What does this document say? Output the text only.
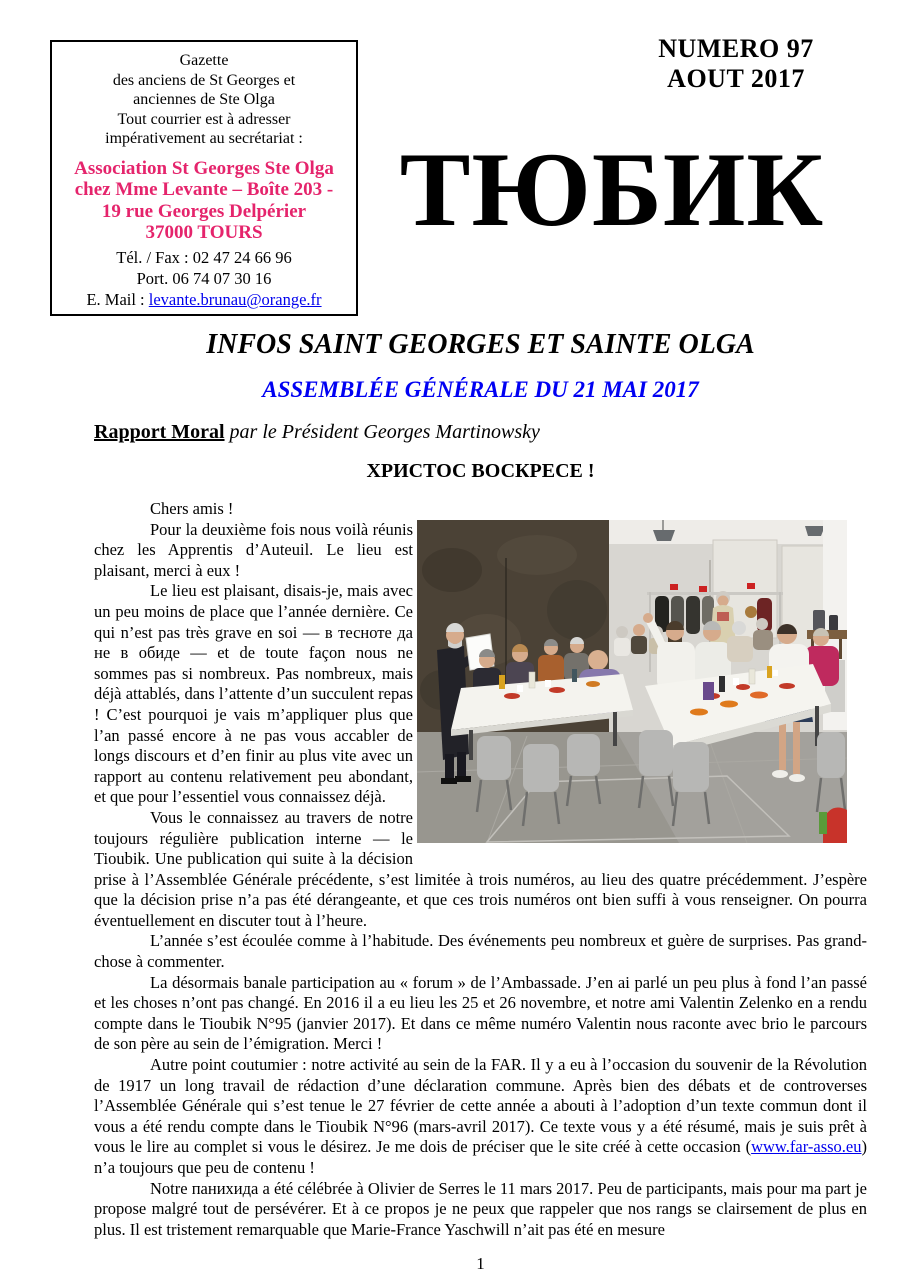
Gazette
des anciens de St Georges et
anciennes de Ste Olga
Tout courrier est à adresser
impérativement au secrétariat :
Association St Georges Ste Olga
chez Mme Levante – Boîte 203 -
19 rue Georges Delpérier
37000 TOURS
Tél. / Fax : 02 47 24 66 96
Port. 06 74 07 30 16
E. Mail : levante.brunau@orange.fr
NUMERO 97
AOUT 2017
ТЮБИК
INFOS SAINT GEORGES ET SAINTE OLGA
ASSEMBLÉE GÉNÉRALE DU 21 MAI 2017
Rapport Moral par le Président Georges Martinowsky
ХРИСТОС ВОСКРЕСЕ !

Chers amis !

Pour la deuxième fois nous voilà réunis chez les Apprentis d’Auteuil. Le lieu est plaisant, merci à eux !

Le lieu est plaisant, disais-je, mais avec un peu moins de place que l’année dernière. Ce qui n’est pas très grave en soi — в тесноте да не в обиде — et de toute façon nous ne sommes pas si nombreux. Pas nombreux, mais déjà attablés, dans l’attente d’un succulent repas ! C’est pourquoi je vais m’appliquer plus que l’an passé encore à ne pas vous accabler de longs discours et d’en finir au plus vite avec un rapport au contenu relativement peu abondant, et que pour l’essentiel vous connaissez déjà.

Vous le connaissez au travers de notre toujours régulière publication interne — le Tioubik. Une publication qui suite à la décision prise à l’Assemblée Générale précédente, s’est limitée à trois numéros, au lieu des quatre précédemment. J’espère que la décision prise n’a pas été dérangeante, et que ces trois numéros ont bien suffi à vous renseigner. On pourra éventuellement en discuter tout à l’heure.

L’année s’est écoulée comme à l’habitude. Des événements peu nombreux et guère de surprises. Pas grand-chose à commenter.

La désormais banale participation au « forum » de l’Ambassade. J’en ai parlé un peu plus à fond l’an passé et les choses n’ont pas changé. En 2016 il a eu lieu les 25 et 26 novembre, et notre ami Valentin Zelenko en a rendu compte dans le Tioubik N°95 (janvier 2017). Et dans ce même numéro Valentin nous raconte avec brio le parcours de son père au sein de l’émigration. Merci !

Autre point coutumier : notre activité au sein de la FAR. Il y a eu à l’occasion du souvenir de la Révolution de 1917 un long travail de rédaction d’une déclaration commune. Après bien des débats et de controverses l’Assemblée Générale qui s’est tenue le 27 février de cette année a abouti à l’adoption d’un texte commun dont il vous a été rendu compte dans le Tioubik N°96 (mars-avril 2017). Ce texte vous y a été résumé, mais je suis prêt à vous le lire au complet si vous le désirez. Je me dois de préciser que le site créé à cette occasion (www.far-asso.eu) n’a toujours que peu de contenu !

Notre панихида a été célébrée à Olivier de Serres le 11 mars 2017. Peu de participants, mais pour ma part je propose malgré tout de persévérer. Et à ce propos je ne peux que rappeler que nos rangs se clairsement de plus en plus. Il est tristement remarquable que Marie-France Yaschwill n’ait pas été en mesure

1
